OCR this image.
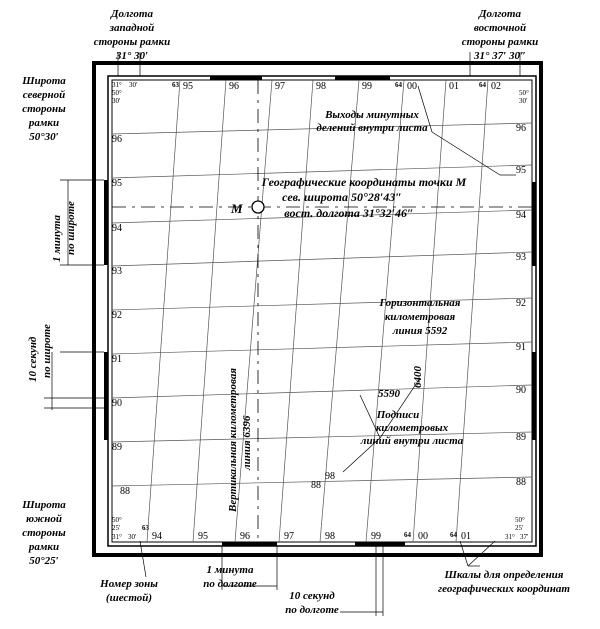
М
31° 30′
50°
30′
50°
30′
50°
25′
31° 30′
50°
25′
31° 37′
95	96	97	98	99	00	01	02
64	64
63
94	95	96	97	98	99	00	01
64	64
63
96
95
94
93
92
91
90
89
88
96
95
94
93
92
91
90
89
88
98
88
Выходы минутных
делений внутри листа
Географические координаты точки М
сев. широта 50°28′43″
вост. долгота 31°32′46″
Горизонтальная
километровая
линия 5592
5590
6400
Подписи
километровых
линий внутри листа
Вертикальная километровая линия 6396
Долгота
западной
стороны рамки
31° 30′
Долгота
восточной
стороны рамки
31° 37′ 30″
Широта
северной
стороны
рамки
50°30′
Широта
южной
стороны
рамки
50°25′
1 минута по широте
10 секунд по широте
Номер зоны
(шестой)
1 минута
по долготе
10 секунд
по долготе
Шкалы для определения
географических координат
